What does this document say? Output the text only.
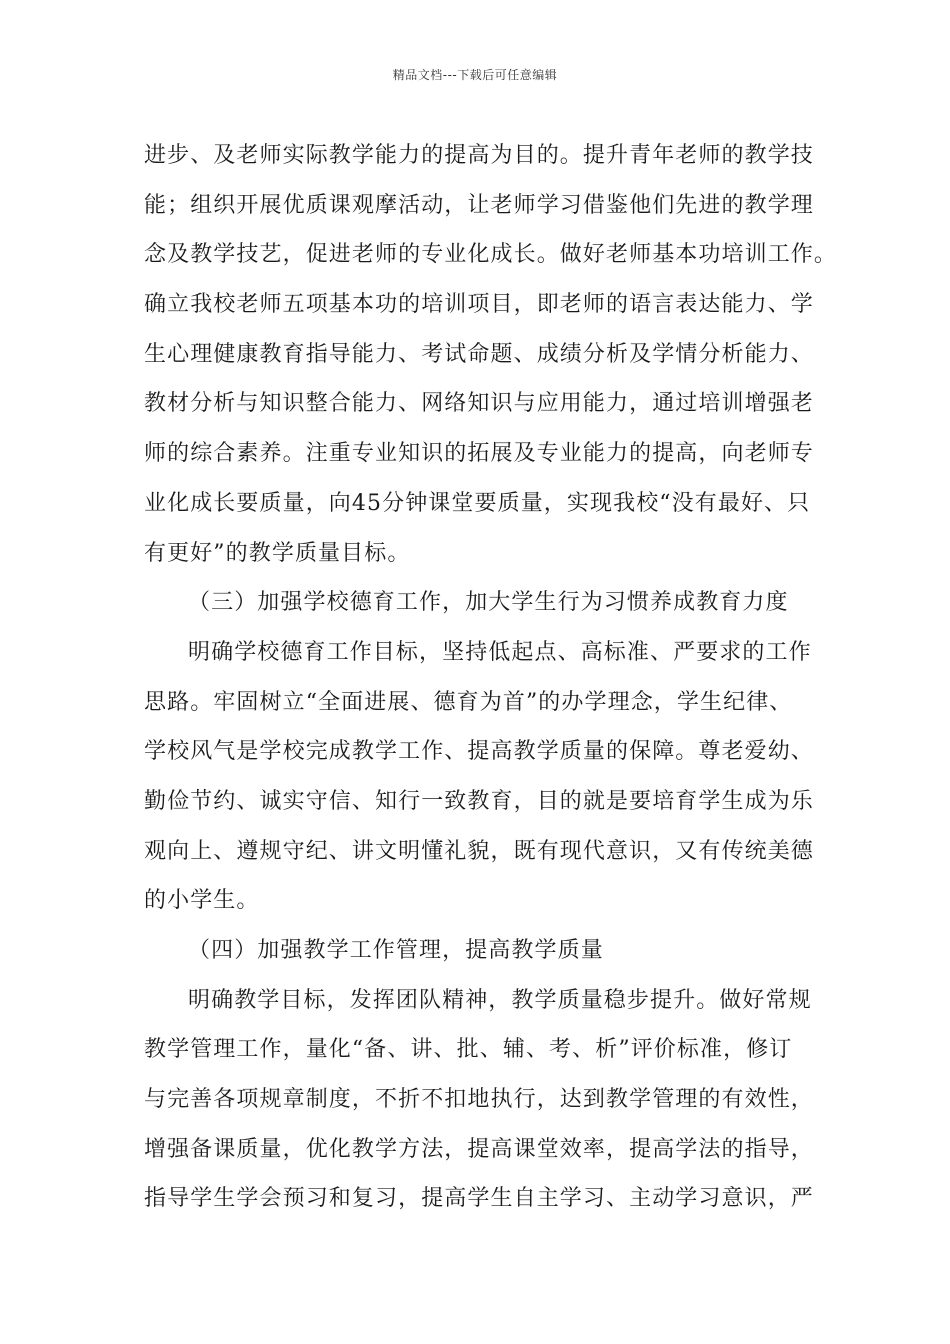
精品文档---下载后可任意编辑
进步、及老师实际教学能力的提高为目的。提升青年老师的教学技
能；组织开展优质课观摩活动，让老师学习借鉴他们先进的教学理
念及教学技艺，促进老师的专业化成长。做好老师基本功培训工作。
确立我校老师五项基本功的培训项目，即老师的语言表达能力、学
生心理健康教育指导能力、考试命题、成绩分析及学情分析能力、
教材分析与知识整合能力、网络知识与应用能力，通过培训增强老
师的综合素养。注重专业知识的拓展及专业能力的提高，向老师专
业化成长要质量，向45分钟课堂要质量，实现我校“没有最好、只
有更好”的教学质量目标。
（三）加强学校德育工作，加大学生行为习惯养成教育力度
明确学校德育工作目标，坚持低起点、高标准、严要求的工作
思路。牢固树立“全面进展、德育为首”的办学理念，学生纪律、
学校风气是学校完成教学工作、提高教学质量的保障。尊老爱幼、
勤俭节约、诚实守信、知行一致教育，目的就是要培育学生成为乐
观向上、遵规守纪、讲文明懂礼貌，既有现代意识，又有传统美德
的小学生。
（四）加强教学工作管理，提高教学质量
明确教学目标，发挥团队精神，教学质量稳步提升。做好常规
教学管理工作，量化“备、讲、批、辅、考、析”评价标准，修订
与完善各项规章制度，不折不扣地执行，达到教学管理的有效性，
增强备课质量，优化教学方法，提高课堂效率，提高学法的指导，
指导学生学会预习和复习，提高学生自主学习、主动学习意识，严
